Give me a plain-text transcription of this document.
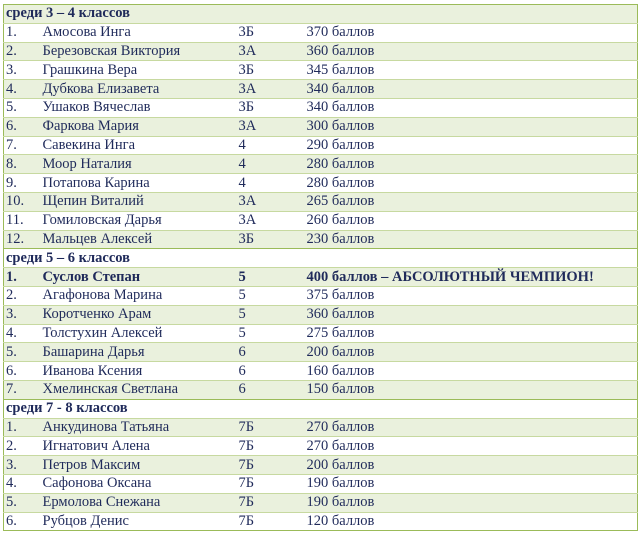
среди 3 – 4 классов			
1.	Амосова Инга	3Б	370 баллов
2.	Березовская Виктория	3А	360 баллов
3.	Грашкина Вера	3Б	345 баллов
4.	Дубкова Елизавета	3А	340 баллов
5.	Ушаков Вячеслав	3Б	340 баллов
6.	Фаркова Мария	3А	300 баллов
7.	Савекина Инга	4	290 баллов
8.	Моор Наталия	4	280 баллов
9.	Потапова Карина	4	280 баллов
10.	Щепин Виталий	3А	265 баллов
11.	Гомиловская Дарья	3А	260 баллов
12.	Мальцев Алексей	3Б	230 баллов
среди 5 – 6 классов			
1.	Суслов Степан	5	400 баллов – АБСОЛЮТНЫЙ ЧЕМПИОН!
2.	Агафонова Марина	5	375 баллов
3.	Коротченко Арам	5	360 баллов
4.	Толстухин Алексей	5	275 баллов
5.	Башарина Дарья	6	200 баллов
6.	Иванова Ксения	6	160 баллов
7.	Хмелинская Светлана	6	150 баллов
среди 7 - 8 классов			
1.	Анкудинова Татьяна	7Б	270 баллов
2.	Игнатович Алена	7Б	270 баллов
3.	Петров Максим	7Б	200 баллов
4.	Сафонова Оксана	7Б	190 баллов
5.	Ермолова Снежана	7Б	190 баллов
6.	Рубцов Денис	7Б	120 баллов
